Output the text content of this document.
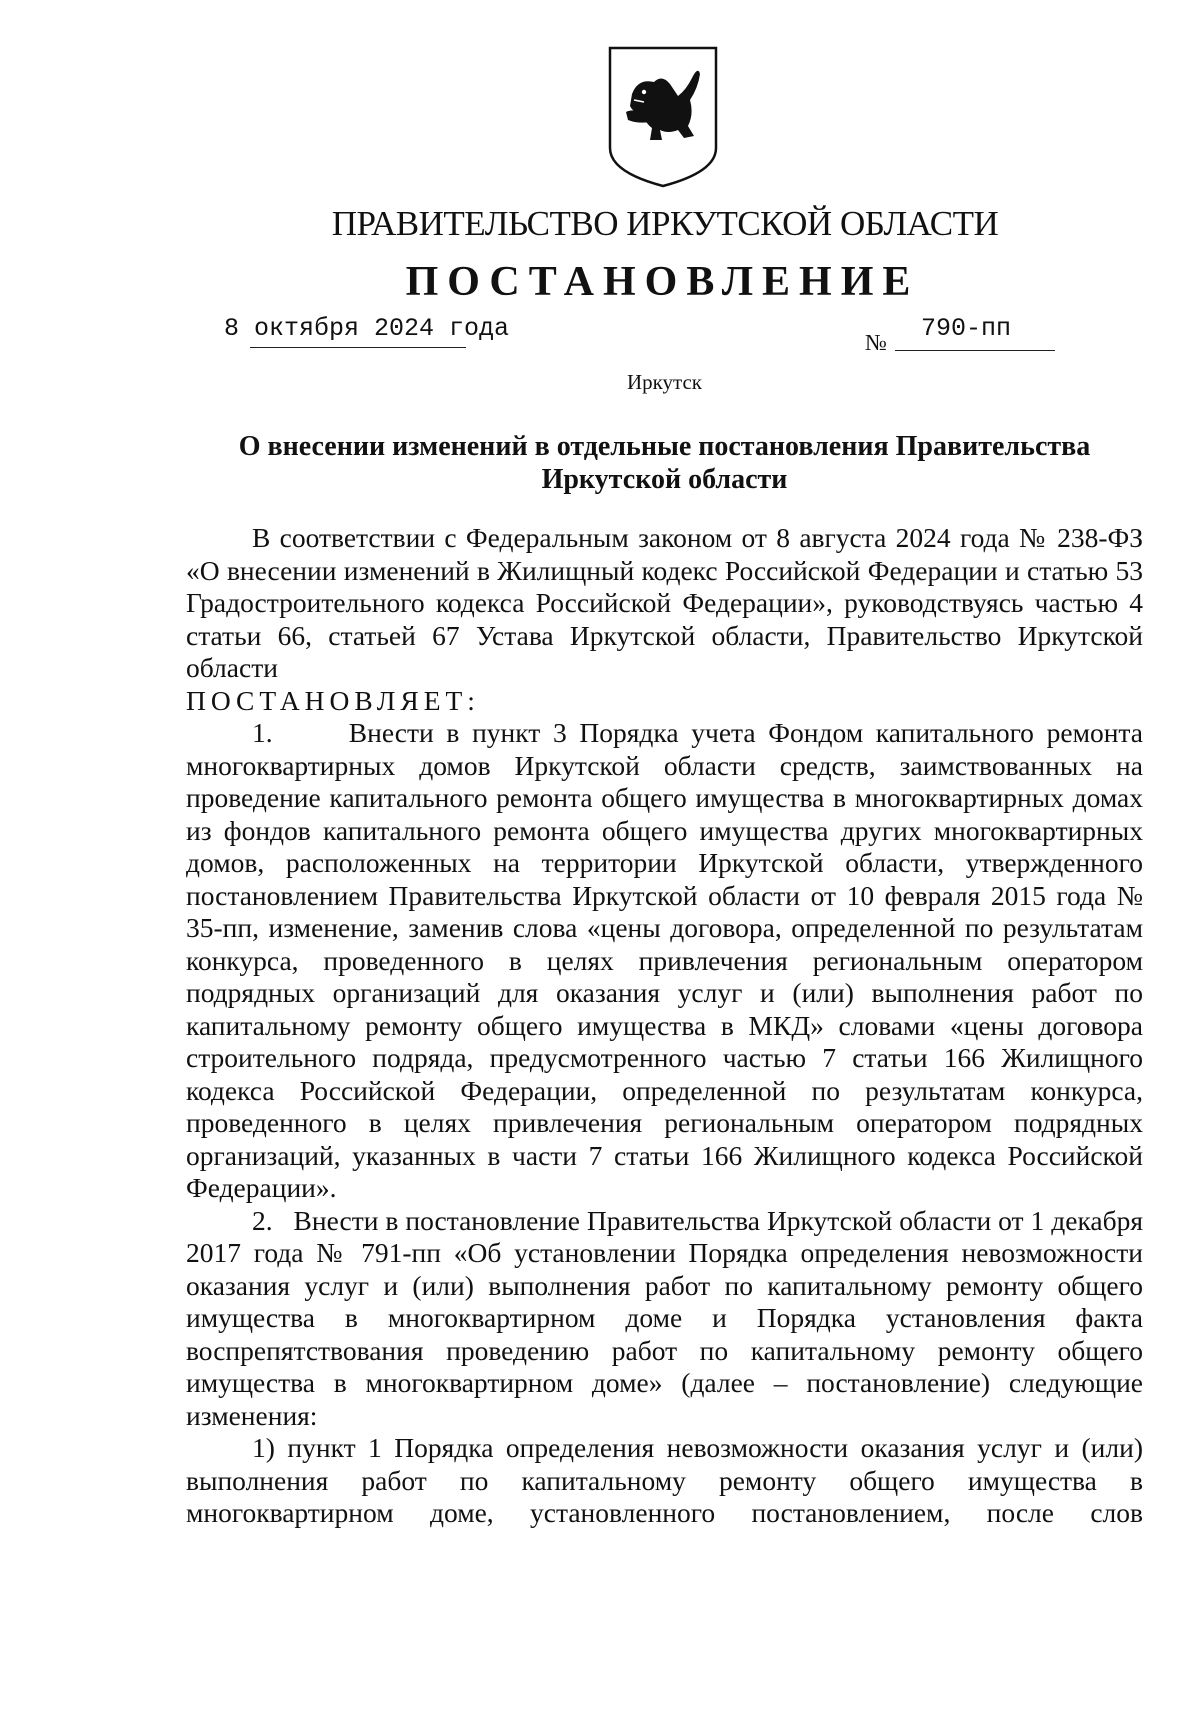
ПРАВИТЕЛЬСТВО ИРКУТСКОЙ ОБЛАСТИ
ПОСТАНОВЛЕНИЕ
8 октября 2024 года	№ 790-пп
Иркутск
О внесении изменений в отдельные постановления Правительства Иркутской области

В соответствии с Федеральным законом от 8 августа 2024 года № 238-ФЗ «О внесении изменений в Жилищный кодекс Российской Федерации и статью 53 Градостроительного кодекса Российской Федерации», руководствуясь частью 4 статьи 66, статьей 67 Устава Иркутской области, Правительство Иркутской области

ПОСТАНОВЛЯЕТ:

1.      Внести в пункт 3 Порядка учета Фондом капитального ремонта многоквартирных домов Иркутской области средств, заимствованных на проведение капитального ремонта общего имущества в многоквартирных домах из фондов капитального ремонта общего имущества других многоквартирных домов, расположенных на территории Иркутской области, утвержденного постановлением Правительства Иркутской области от 10 февраля 2015 года № 35-пп, изменение, заменив слова «цены договора, определенной по результатам конкурса, проведенного в целях привлечения региональным оператором подрядных организаций для оказания услуг и (или) выполнения работ по капитальному ремонту общего имущества в МКД» словами «цены договора строительного подряда, предусмотренного частью 7 статьи 166 Жилищного кодекса Российской Федерации, определенной по результатам конкурса, проведенного в целях привлечения региональным оператором подрядных организаций, указанных в части 7 статьи 166 Жилищного кодекса Российской Федерации».

2.   Внести в постановление Правительства Иркутской области от 1 декабря 2017 года № 791-пп «Об установлении Порядка определения невозможности оказания услуг и (или) выполнения работ по капитальному ремонту общего имущества в многоквартирном доме и Порядка установления факта воспрепятствования проведению работ по капитальному ремонту общего имущества в многоквартирном доме» (далее – постановление) следующие изменения:

1) пункт 1 Порядка определения невозможности оказания услуг и (или) выполнения работ по капитальному ремонту общего имущества в многоквартирном доме, установленного постановлением, после слов
